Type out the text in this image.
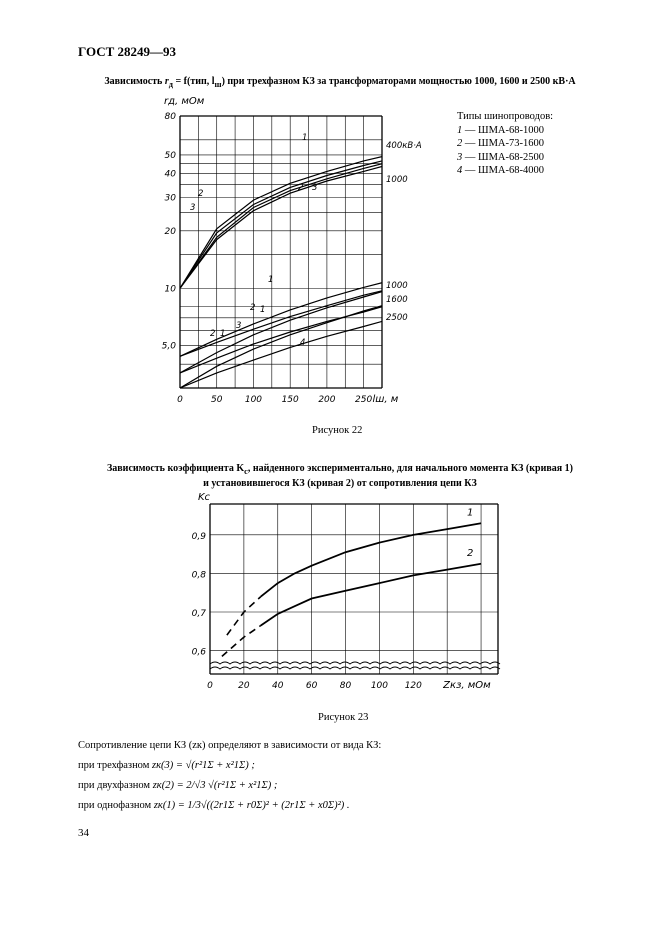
ГОСТ 28249—93
Зависимость $r_д = f(тип$, $l_ш$) при трехфазном КЗ за трансформаторами мощностью 1000, 1600 и 2500 кВ·А
80
50
40
30
20
10
5,0
0	50 100 150 200 250
rд, мОм
lш, м
400кВ·А
1000
1000
1600
2500
1
2
3
2 3
1
2
3
4
2
1
1
Типы шинопроводов:
1 — ШМА-68-1000
2 — ШМА-73-1600
3 — ШМА-68-2500
4 — ШМА-68-4000
Рисунок 22
Зависимость коэффициента $K_c$, найденного экспериментально, для начального момента КЗ (кривая 1)
и установившегося КЗ (кривая 2) от сопротивления цепи КЗ
1
2
0,9
0,8
0,7
0,6
0	20 40 60 80 100 120
Kc
Zкз, мОм
Рисунок 23
Сопротивление цепи КЗ (zк) определяют в зависимости от вида КЗ:
при трехфазном zк(3) = √(r²1Σ + x²1Σ) ;
при двухфазном zк(2) = 2/√3 √(r²1Σ + x²1Σ) ;
при однофазном zк(1) = 1/3√((2r1Σ + r0Σ)² + (2r1Σ + x0Σ)²) .
34
